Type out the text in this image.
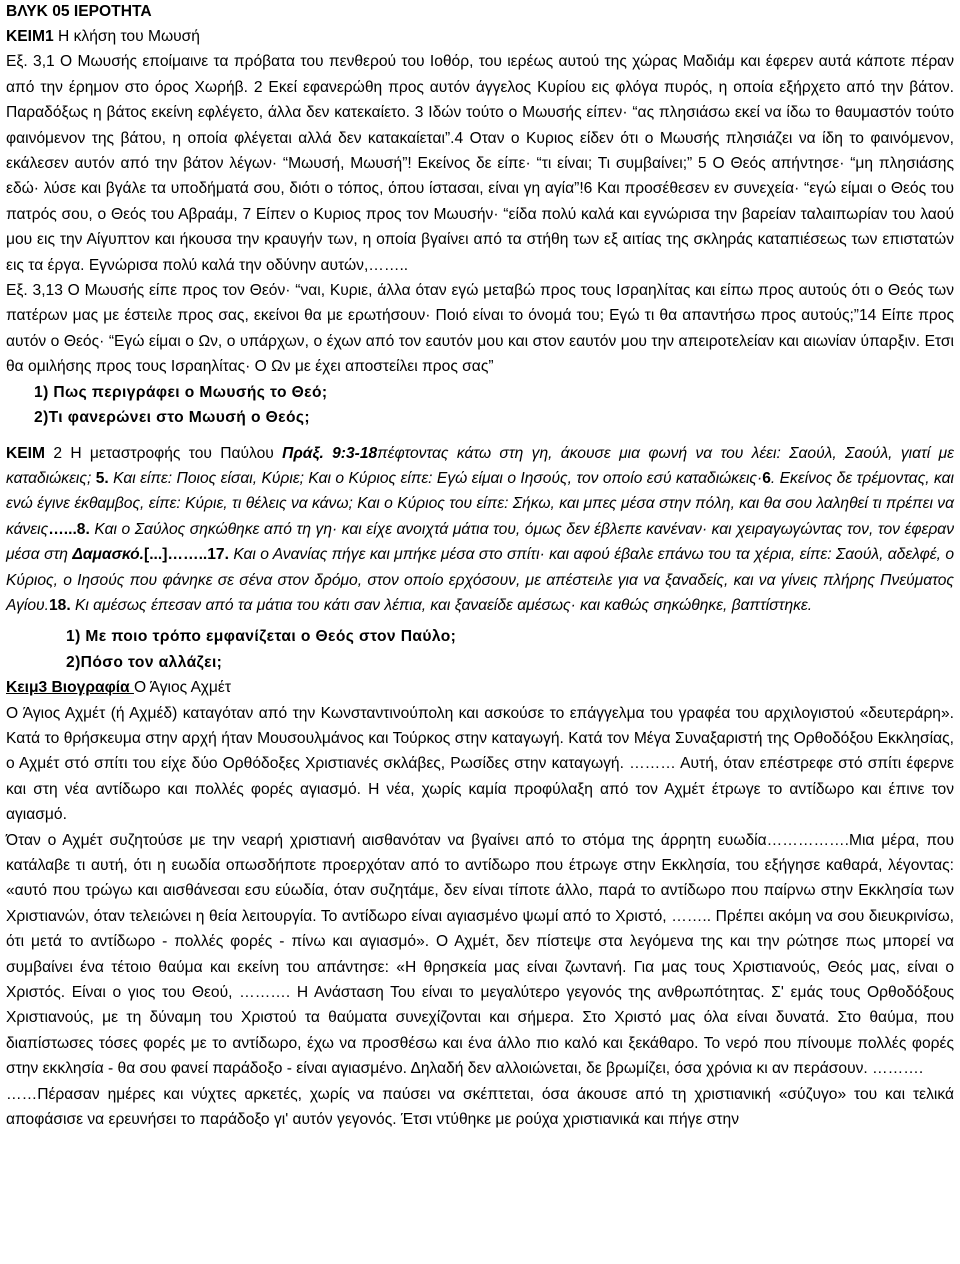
ΒΛΥΚ 05 ΙΕΡΟΤΗΤΑ
ΚΕΙΜ1 Η κλήση του Μωυσή
Εξ. 3,1 Ο Μωυσής εποίμαινε τα πρόβατα του πενθερού του Ιοθόρ, του ιερέως αυτού της χώρας Μαδιάμ και έφερεν αυτά κάποτε πέραν από την έρημον στο όρος Χωρήβ. 2 Εκεί εφανερώθη προς αυτόν άγγελος Κυρίου εις φλόγα πυρός, η οποία εξήρχετο από την βάτον. Παραδόξως η βάτος εκείνη εφλέγετο, άλλα δεν κατεκαίετο. 3 Ιδών τούτο ο Μωυσής είπεν· “ας πλησιάσω εκεί να ίδω το θαυμαστόν τούτο φαινόμενον της βάτου, η οποία φλέγεται αλλά δεν κατακαίεται”.4 Οταν ο Κυριος είδεν ότι ο Μωυσής πλησιάζει να ίδη το φαινόμενον, εκάλεσεν αυτόν από την βάτον λέγων· “Μωυσή, Μωυσή”! Εκείνος δε είπε· “τι είναι; Τι συμβαίνει;” 5 Ο Θεός απήντησε· “μη πλησιάσης εδώ· λύσε και βγάλε τα υποδήματά σου, διότι ο τόπος, όπου ίστασαι, είναι γη αγία”!6 Και προσέθεσεν εν συνεχεία· “εγώ είμαι ο Θεός του πατρός σου, ο Θεός του Αβραάμ, 7 Είπεν ο Κυριος προς τον Μωυσήν· “είδα πολύ καλά και εγνώρισα την βαρείαν ταλαιπωρίαν του λαού μου εις την Αίγυπτον και ήκουσα την κραυγήν των, η οποία βγαίνει από τα στήθη των εξ αιτίας της σκληράς καταπιέσεως των επιστατών εις τα έργα. Εγνώρισα πολύ καλά την οδύνην αυτών,……..
Εξ. 3,13 Ο Μωυσής είπε προς τον Θεόν· “ναι, Κυριε, άλλα όταν εγώ μεταβώ προς τους Ισραηλίτας και είπω προς αυτούς ότι ο Θεός των πατέρων μας με έστειλε προς σας, εκείνοι θα με ερωτήσουν· Ποιό είναι το όνομά του; Εγώ τι θα απαντήσω προς αυτούς;”14 Είπε προς αυτόν ο Θεός· “Εγώ είμαι ο Ων, ο υπάρχων, ο έχων από τον εαυτόν μου και στον εαυτόν μου την απειροτελείαν και αιωνίαν ύπαρξιν. Ετσι θα ομιλήσης προς τους Ισραηλίτας· Ο Ων με έχει αποστείλει προς σας”
1) Πως περιγράφει ο Μωυσής το Θεό;
2)Τι φανερώνει στο Μωυσή ο Θεός;
ΚΕΙΜ 2 Η μεταστροφής του Παύλου Πράξ. 9:3-18πέφτοντας κάτω στη γη, άκουσε μια φωνή να του λέει: Σαούλ, Σαούλ, γιατί με καταδιώκεις; 5. Και είπε: Ποιος είσαι, Κύριε; Και ο Κύριος είπε: Εγώ είμαι ο Ιησούς, τον οποίο εσύ καταδιώκεις·6. Εκείνος δε τρέμοντας, και ενώ έγινε έκθαμβος, είπε: Κύριε, τι θέλεις να κάνω; Και ο Κύριος του είπε: Σήκω, και μπες μέσα στην πόλη, και θα σου λαληθεί τι πρέπει να κάνεις…...8. Και ο Σαύλος σηκώθηκε από τη γη· και είχε ανοιχτά μάτια του, όμως δεν έβλεπε κανέναν· και χειραγωγώντας τον, τον έφεραν μέσα στη Δαμασκό.[...]……..17. Και ο Ανανίας πήγε και μπήκε μέσα στο σπίτι· και αφού έβαλε επάνω του τα χέρια, είπε: Σαούλ, αδελφέ, ο Κύριος, ο Ιησούς που φάνηκε σε σένα στον δρόμο, στον οποίο ερχόσουν, με απέστειλε για να ξαναδείς, και να γίνεις πλήρης Πνεύματος Αγίου.18. Κι αμέσως έπεσαν από τα μάτια του κάτι σαν λέπια, και ξαναείδε αμέσως· και καθώς σηκώθηκε, βαπτίστηκε.
1) Με ποιο τρόπο εμφανίζεται ο Θεός στον Παύλο;
2)Πόσο τον αλλάζει;
Κειμ3 Βιογραφία Ο Άγιος Αχμέτ
Ο Άγιος Αχμέτ (ή Αχμέδ) καταγόταν από την Κωνσταντινούπολη και ασκούσε το επάγγελμα του γραφέα του αρχιλογιστού «δευτεράρη». Κατά το θρήσκευμα στην αρχή ήταν Μουσουλμάνος και Τούρκος στην καταγωγή. Κατά τον Μέγα Συναξαριστή της Ορθοδόξου Εκκλησίας, ο Αχμέτ στό σπίτι του είχε δύο Ορθόδοξες Χριστιανές σκλάβες, Ρωσίδες στην καταγωγή. ……… Αυτή, όταν επέστρεφε στό σπίτι έφερνε και στη νέα αντίδωρο και πολλές φορές αγιασμό. Η νέα, χωρίς καμία προφύλαξη από τον Αχμέτ έτρωγε το αντίδωρο και έπινε τον αγιασμό.
Όταν ο Αχμέτ συζητούσε με την νεαρή χριστιανή αισθανόταν να βγαίνει από το στόμα της άρρητη ευωδία…………….Μια μέρα, που κατάλαβε τι αυτή, ότι η ευωδία οπωσδήποτε προερχόταν από το αντίδωρο που έτρωγε στην Εκκλησία, του εξήγησε καθαρά, λέγοντας: «αυτό που τρώγω και αισθάνεσαι εσυ εύωδία, όταν συζητάμε, δεν είναι τίποτε άλλο, παρά το αντίδωρο που παίρνω στην Εκκλησία των Χριστιανών, όταν τελειώνει η θεία λειτουργία. Το αντίδωρο είναι αγιασμένο ψωμί από το Χριστό, …….. Πρέπει ακόμη να σου διευκρινίσω, ότι μετά το αντίδωρο - πολλές φορές - πίνω και αγιασμό». Ο Αχμέτ, δεν πίστεψε στα λεγόμενα της και την ρώτησε πως μπορεί να συμβαίνει ένα τέτοιο θαύμα και εκείνη του απάντησε: «Η θρησκεία μας είναι ζωντανή. Για μας τους Χριστιανούς, Θεός μας, είναι ο Χριστός. Είναι ο γιος του Θεού, ………. Η Ανάσταση Του είναι το μεγαλύτερο γεγονός της ανθρωπότητας. Σ' εμάς τους Ορθοδόξους Χριστιανούς, με τη δύναμη του Χριστού τα θαύματα συνεχίζονται και σήμερα. Στο Χριστό μας όλα είναι δυνατά. Στο θαύμα, που διαπίστωσες τόσες φορές με το αντίδωρο, έχω να προσθέσω και ένα άλλο πιο καλό και ξεκάθαρο. Το νερό που πίνουμε πολλές φορές στην εκκλησία - θα σου φανεί παράδοξο - είναι αγιασμένο. Δηλαδή δεν αλλοιώνεται, δε βρωμίζει, όσα χρόνια κι αν περάσουν. ……….
……Πέρασαν ημέρες και νύχτες αρκετές, χωρίς να παύσει να σκέπτεται, όσα άκουσε από τη χριστιανική «σύζυγο» του και τελικά αποφάσισε να ερευνήσει το παράδοξο γι' αυτόν γεγονός. Έτσι ντύθηκε με ρούχα χριστιανικά και πήγε στην
